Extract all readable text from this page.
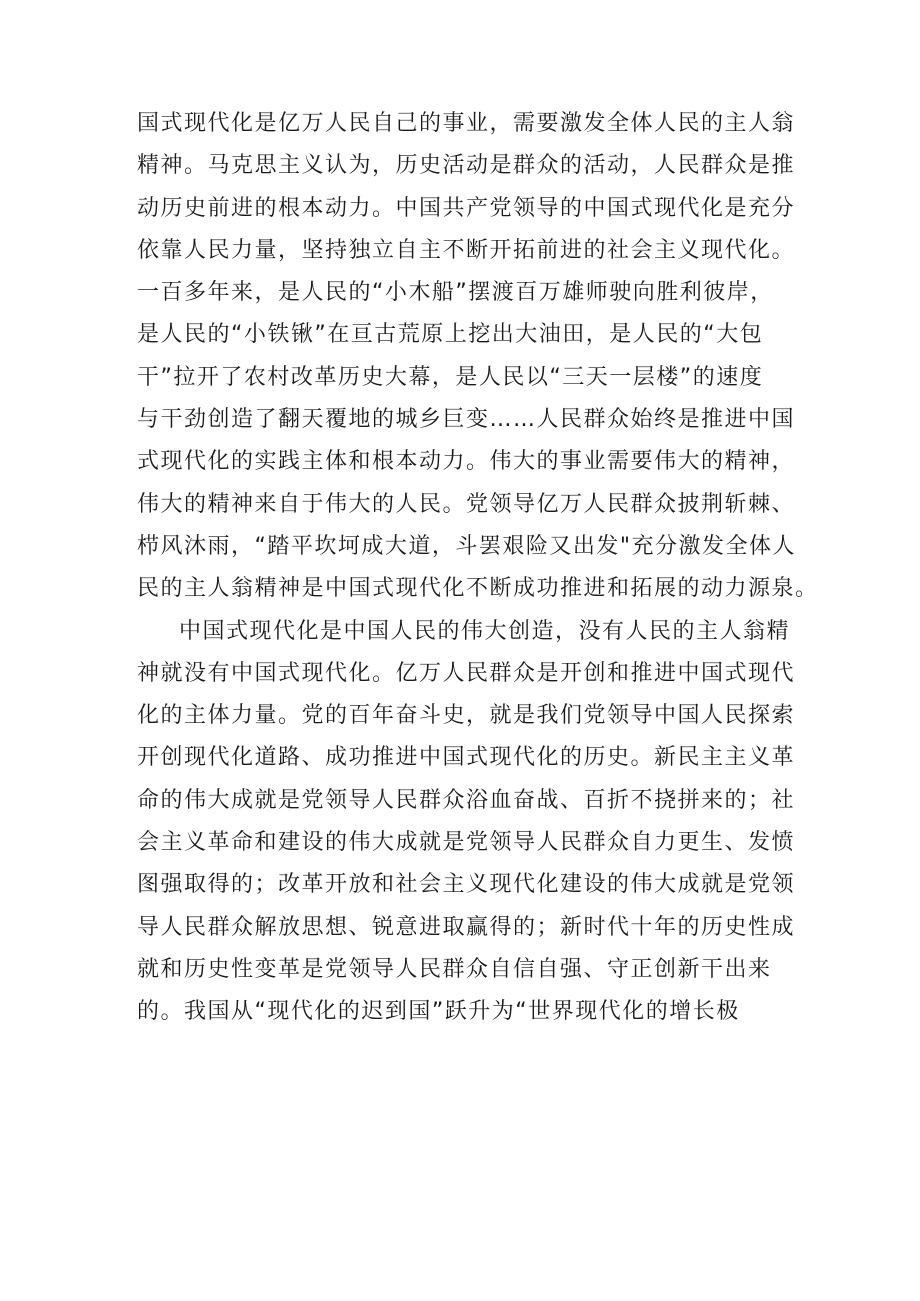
国式现代化是亿万人民自己的事业，需要激发全体人民的主人翁
精神。马克思主义认为，历史活动是群众的活动，人民群众是推
动历史前进的根本动力。中国共产党领导的中国式现代化是充分
依靠人民力量，坚持独立自主不断开拓前进的社会主义现代化。
一百多年来，是人民的“小木船”摆渡百万雄师驶向胜利彼岸，
是人民的“小铁锹”在亘古荒原上挖出大油田，是人民的“大包
干”拉开了农村改革历史大幕，是人民以“三天一层楼”的速度
与干劲创造了翻天覆地的城乡巨变……人民群众始终是推进中国
式现代化的实践主体和根本动力。伟大的事业需要伟大的精神，
伟大的精神来自于伟大的人民。党领导亿万人民群众披荆斩棘、
栉风沐雨，“踏平坎坷成大道，斗罢艰险又出发"充分激发全体人
民的主人翁精神是中国式现代化不断成功推进和拓展的动力源泉。
中国式现代化是中国人民的伟大创造，没有人民的主人翁精
神就没有中国式现代化。亿万人民群众是开创和推进中国式现代
化的主体力量。党的百年奋斗史，就是我们党领导中国人民探索
开创现代化道路、成功推进中国式现代化的历史。新民主主义革
命的伟大成就是党领导人民群众浴血奋战、百折不挠拼来的；社
会主义革命和建设的伟大成就是党领导人民群众自力更生、发愤
图强取得的；改革开放和社会主义现代化建设的伟大成就是党领
导人民群众解放思想、锐意进取赢得的；新时代十年的历史性成
就和历史性变革是党领导人民群众自信自强、守正创新干出来
的。我国从“现代化的迟到国”跃升为“世界现代化的增长极
